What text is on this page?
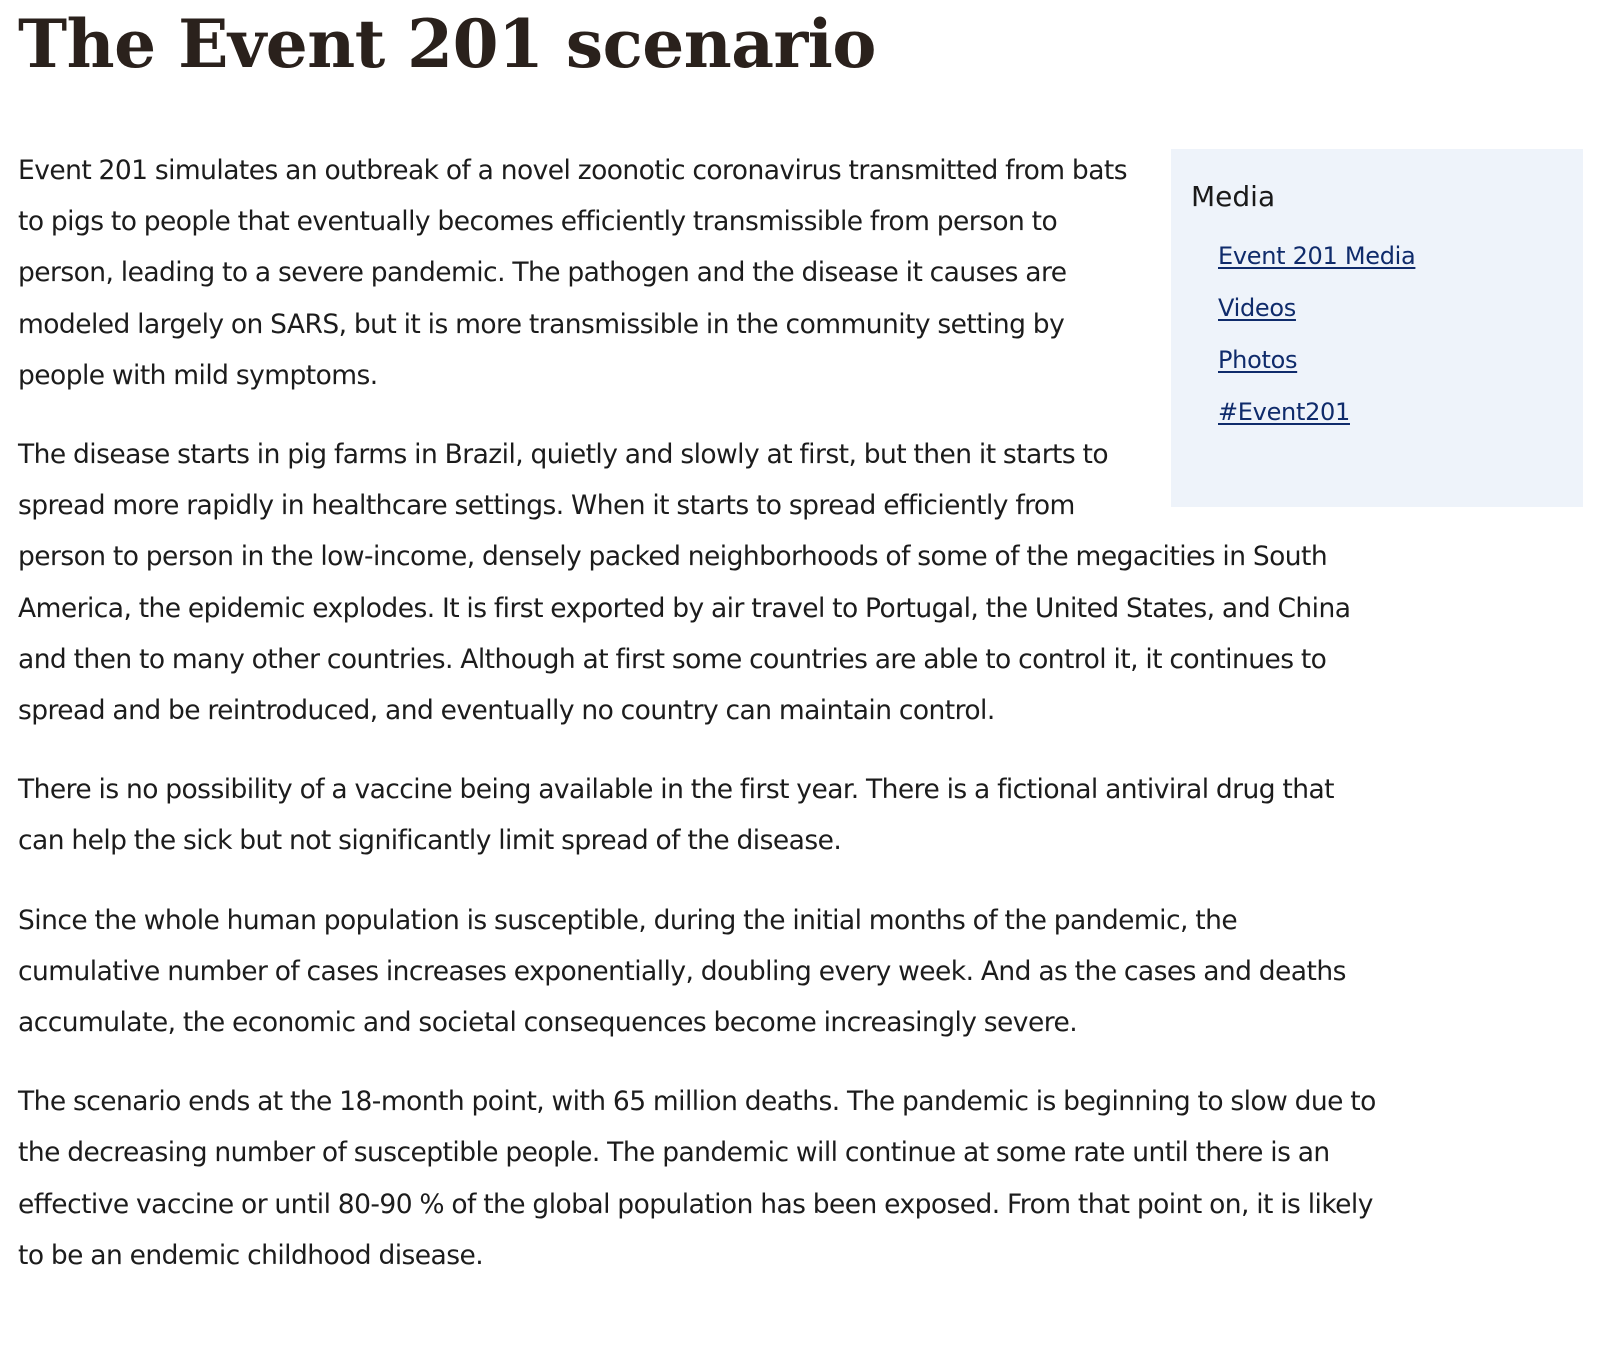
The Event 201 scenario
Media
Event 201 Media
Videos
Photos
#Event201

Event 201 simulates an outbreak of a novel zoonotic coronavirus transmitted from bats to pigs to people that eventually becomes efficiently transmissible from person to person, leading to a severe pandemic. The pathogen and the disease it causes are modeled largely on SARS, but it is more transmissible in the community setting by people with mild symptoms.

The disease starts in pig farms in Brazil, quietly and slowly at first, but then it starts to spread more rapidly in healthcare settings. When it starts to spread efficiently from person to person in the low-income, densely packed neighborhoods of some of the megacities in South America, the epidemic explodes. It is first exported by air travel to Portugal, the United States, and China and then to many other countries. Although at first some countries are able to control it, it continues to spread and be reintroduced, and eventually no country can maintain control.

There is no possibility of a vaccine being available in the first year. There is a fictional antiviral drug that can help the sick but not significantly limit spread of the disease.

Since the whole human population is susceptible, during the initial months of the pandemic, the cumulative number of cases increases exponentially, doubling every week. And as the cases and deaths accumulate, the economic and societal consequences become increasingly severe.

The scenario ends at the 18-month point, with 65 million deaths. The pandemic is beginning to slow due to the decreasing number of susceptible people. The pandemic will continue at some rate until there is an effective vaccine or until 80-90 % of the global population has been exposed. From that point on, it is likely to be an endemic childhood disease.
